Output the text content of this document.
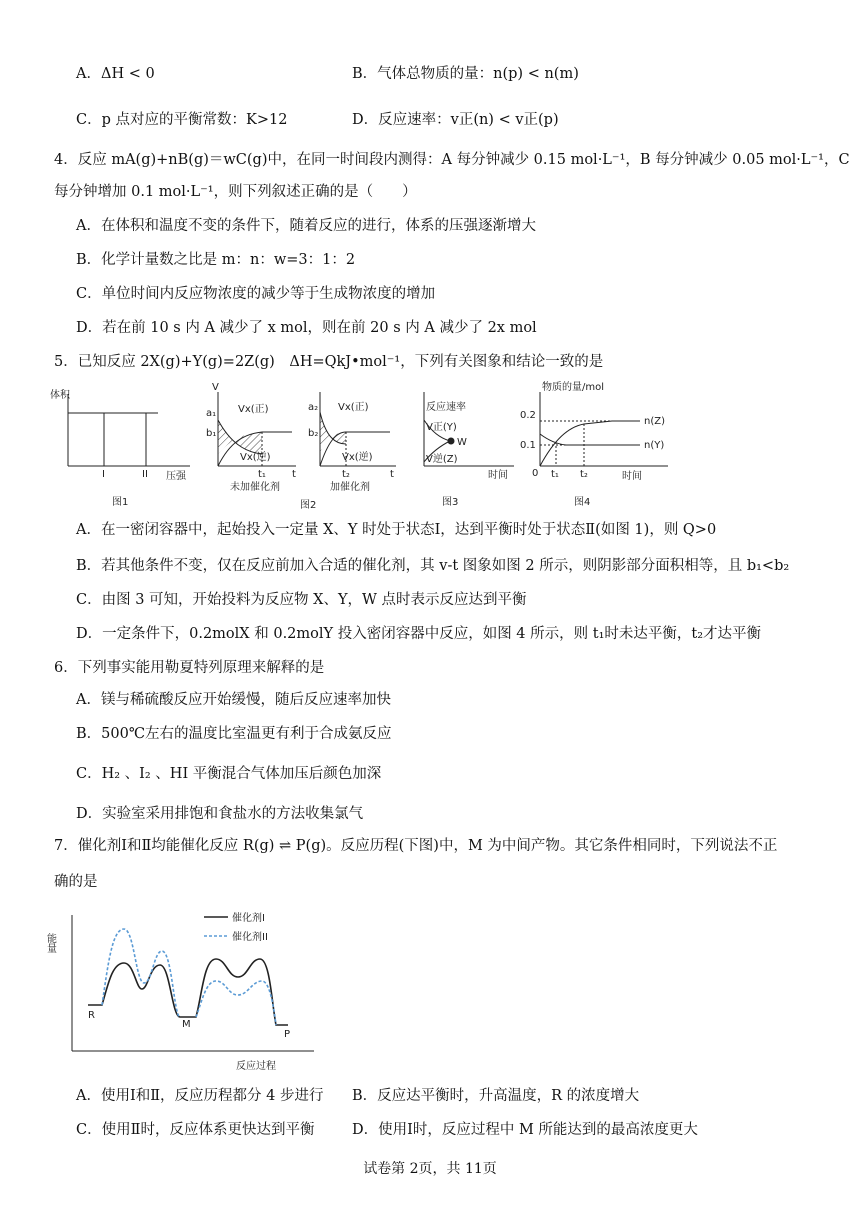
A．ΔH < 0	B．气体总物质的量：n(p) < n(m)
C．p 点对应的平衡常数：K>12	D．反应速率：v正(n) < v正(p)
4．反应 mA(g)+nB(g)＝wC(g)中，在同一时间段内测得：A 每分钟减少 0.15 mol·L⁻¹，B 每分钟减少 0.05 mol·L⁻¹，C
每分钟增加 0.1 mol·L⁻¹，则下列叙述正确的是（　　）
A．在体积和温度不变的条件下，随着反应的进行，体系的压强逐渐增大
B．化学计量数之比是 m：n：w=3：1：2
C．单位时间内反应物浓度的减少等于生成物浓度的增加
D．若在前 10 s 内 A 减少了 x mol，则在前 20 s 内 A 减少了 2x mol
5．已知反应 2X(g)+Y(g)=2Z(g)　ΔH=QkJ•mol⁻¹，下列有关图象和结论一致的是
体积
I	II 压强
图1
V
a₁
b₁
Vx(正)
Vx(逆)
t₁	t
未加催化剂
a₂
b₂
Vx(正)
Vx(逆)
t₂	t
加催化剂
图2
反应速率
V正(Y)
W
V逆(Z)
时间
图3
物质的量/mol
0.2
0.1
0
n(Z)
n(Y)
t₁ t₂	时间
图4
A．在一密闭容器中，起始投入一定量 X、Y 时处于状态Ⅰ，达到平衡时处于状态Ⅱ(如图 1)，则 Q>0
B．若其他条件不变，仅在反应前加入合适的催化剂，其 v-t 图象如图 2 所示，则阴影部分面积相等，且 b₁<b₂
C．由图 3 可知，开始投料为反应物 X、Y，W 点时表示反应达到平衡
D．一定条件下，0.2molX 和 0.2molY 投入密闭容器中反应，如图 4 所示，则 t₁时未达平衡，t₂才达平衡
6．下列事实能用勒夏特列原理来解释的是
A．镁与稀硫酸反应开始缓慢，随后反应速率加快
B．500℃左右的温度比室温更有利于合成氨反应
C．H₂ 、I₂ 、HI 平衡混合气体加压后颜色加深
D．实验室采用排饱和食盐水的方法收集氯气
7．催化剂Ⅰ和Ⅱ均能催化反应 R(g) ⇌ P(g)。反应历程(下图)中，M 为中间产物。其它条件相同时，下列说法不正
确的是
催化剂I
催化剂II
能量
R
M
P
反应过程
A．使用Ⅰ和Ⅱ，反应历程都分 4 步进行 B．反应达平衡时，升高温度，R 的浓度增大
C．使用Ⅱ时，反应体系更快达到平衡	D．使用Ⅰ时，反应过程中 M 所能达到的最高浓度更大
试卷第 2页，共 11页
